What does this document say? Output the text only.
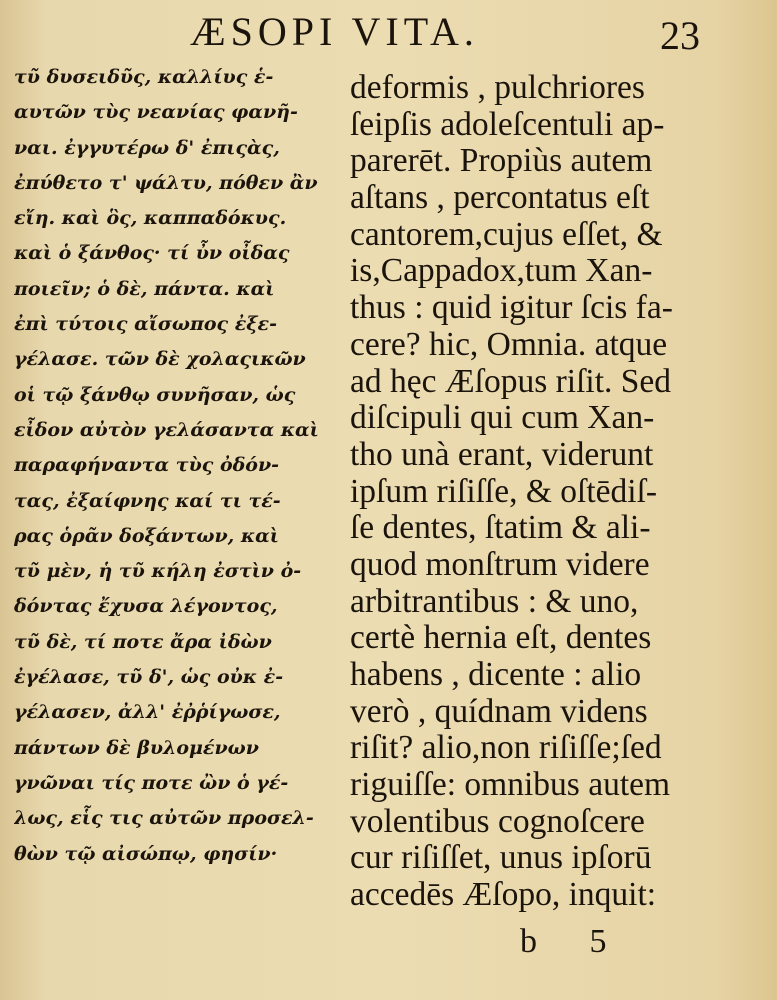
ÆSOPI VITA.	23
τῦ δυσειδῦς, καλλίυς ἑ-
αυτῶν τὺς νεανίας φανῆ-
ναι. ἐγγυτέρω δ' ἐπιςὰς,
ἐπύθετο τ' ψάλτυ, πόθεν ἂν
εἴη. καὶ ὃς, καππαδόκυς.
καὶ ὁ ξάνθος· τί ὖν οἶδας
ποιεῖν; ὁ δὲ, πάντα. καὶ
ἐπὶ τύτοις αἴσωπος ἐξε-
γέλασε. τῶν δὲ χολαςικῶν
οἱ τῷ ξάνθῳ συνῆσαν, ὡς
εἶδον αὐτὸν γελάσαντα καὶ
παραφήναντα τὺς ὀδόν-
τας, ἐξαίφνης καί τι τέ-
ρας ὁρᾶν δοξάντων, καὶ
τῦ μὲν, ἡ τῦ κήλη ἐστὶν ὀ-
δόντας ἔχυσα λέγοντος,
τῦ δὲ, τί ποτε ἄρα ἰδὼν
ἐγέλασε, τῦ δ', ὡς οὐκ ἐ-
γέλασεν, ἀλλ' ἐῤῥίγωσε,
πάντων δὲ βυλομένων
γνῶναι τίς ποτε ὢν ὁ γέ-
λως, εἷς τις αὐτῶν προσελ-
θὼν τῷ αἰσώπῳ, φησίν·
deformis , pulchriores
ſeipſis adoleſcentuli ap-
parerēt. Propiùs autem
aſtans , percontatus eſt
cantorem,cujus eſſet, &
is,Cappadox,tum Xan-
thus : quid igitur ſcis fa-
cere? hic, Omnia. atque
ad hęc Æſopus riſit. Sed
diſcipuli qui cum Xan-
tho unà erant, viderunt
ipſum riſiſſe, & oſtēdiſ-
ſe dentes, ſtatim & ali-
quod monſtrum videre
arbitrantibus : & uno,
certè hernia eſt, dentes
habens , dicente : alio
verò , quídnam videns
riſit? alio,non riſiſſe;ſed
riguiſſe: omnibus autem
volentibus cognoſcere
cur riſiſſet, unus ipſorū
accedēs Æſopo, inquit:
b 5
